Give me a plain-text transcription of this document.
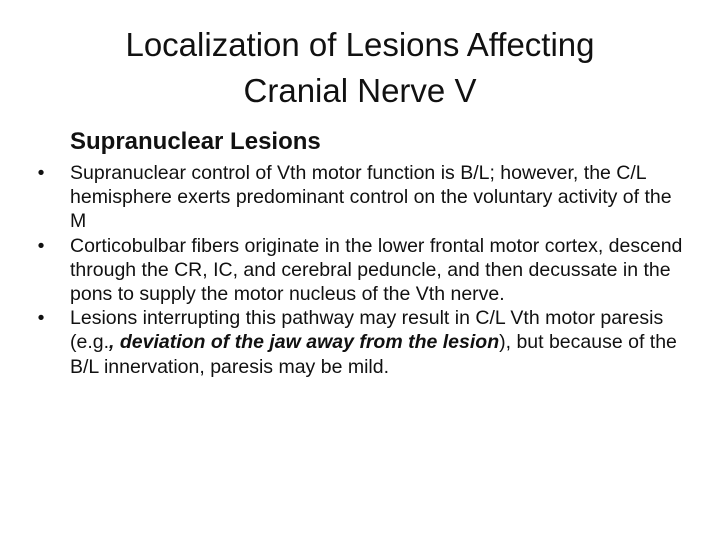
Localization of Lesions Affecting
Cranial Nerve V
Supranuclear Lesions
•	Supranuclear control of Vth motor function is B/L; however, the C/L hemisphere exerts predominant control on the voluntary activity of the M
•	Corticobulbar fibers originate in the lower frontal motor cortex, descend through the CR, IC, and cerebral peduncle, and then decussate in the pons to supply the motor nucleus of the Vth nerve.
•	Lesions interrupting this pathway may result in C/L Vth motor paresis (e.g., deviation of the jaw away from the lesion), but because of the B/L innervation, paresis may be mild.
